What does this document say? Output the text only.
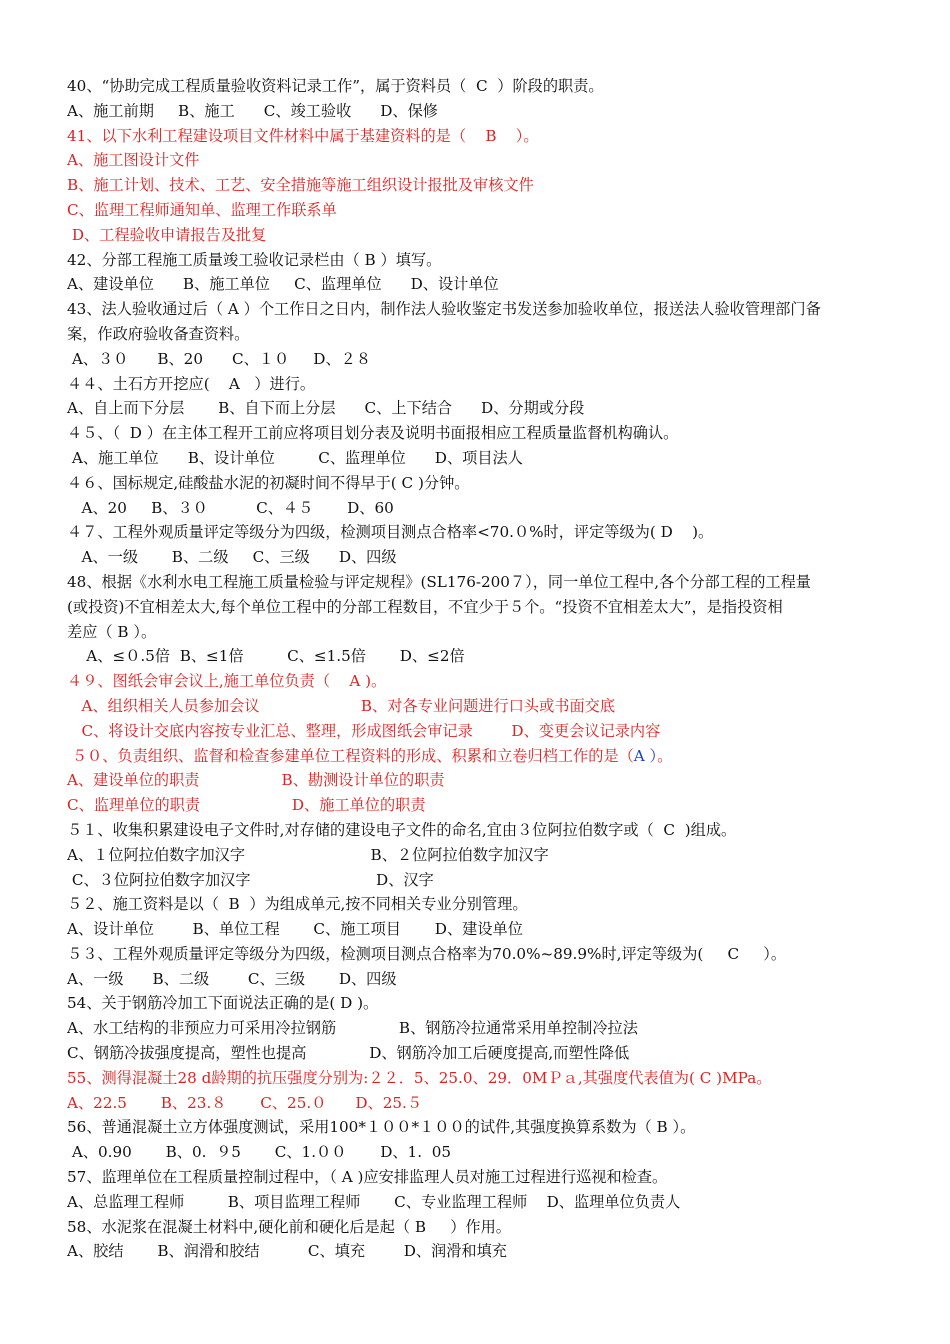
40、“协助完成工程质量验收资料记录工作”，属于资料员（  C  ）阶段的职责。
A、施工前期     B、施工      C、竣工验收      D、保修
41、以下水利工程建设项目文件材料中属于基建资料的是（    B    ）。
A、施工图设计文件
B、施工计划、技术、工艺、安全措施等施工组织设计报批及审核文件
C、监理工程师通知单、监理工作联系单
D、工程验收申请报告及批复
42、分部工程施工质量竣工验收记录栏由（ B ）填写。
A、建设单位      B、施工单位     C、监理单位      D、设计单位
43、法人验收通过后（ A ）个工作日之日内，制作法人验收鉴定书发送参加验收单位，报送法人验收管理部门备
案，作政府验收备查资料。
A、３０      B、20      C、１０     D、２８
４４、土石方开挖应(    A   ）进行。
A、自上而下分层       B、自下而上分层      C、上下结合      D、分期或分段
４５、（  D ）在主体工程开工前应将项目划分表及说明书面报相应工程质量监督机构确认。
A、施工单位      B、设计单位         C、监理单位      D、项目法人
４６、国标规定,硅酸盐水泥的初凝时间不得早于( C )分钟。
A、20     B、３０          C、４５       D、60
４７、工程外观质量评定等级分为四级，检测项目测点合格率<70.０%时，评定等级为( D    )。
A、一级       B、二级     C、三级      D、四级
48、根据《水利水电工程施工质量检验与评定规程》(SL176-200７），同一单位工程中,各个分部工程的工程量
(或投资)不宜相差太大,每个单位工程中的分部工程数目，不宜少于５个。“投资不宜相差太大”，是指投资相
差应（ B ）。
A、≤０.5倍  B、≤1倍         C、≤1.5倍       D、≤2倍
４９、图纸会审会议上,施工单位负责（    A )。
A、组织相关人员参加会议                     B、对各专业问题进行口头或书面交底
C、将设计交底内容按专业汇总、整理，形成图纸会审记录        D、变更会议记录内容
５０、负责组织、监督和检查参建单位工程资料的形成、积累和立卷归档工作的是（A ）。
A、建设单位的职责                 B、勘测设计单位的职责
C、监理单位的职责                   D、施工单位的职责
５１、收集积累建设电子文件时,对存储的建设电子文件的命名,宜由３位阿拉伯数字或（  C  )组成。
A、１位阿拉伯数字加汉字                          B、２位阿拉伯数字加汉字
C、３位阿拉伯数字加汉字                          D、汉字
５２、施工资料是以（  B  ）为组成单元,按不同相关专业分别管理。
A、设计单位        B、单位工程       C、施工项目       D、建设单位
５３、工程外观质量评定等级分为四级，检测项目测点合格率为70.0%~89.9%时,评定等级为(     C     ）。
A、一级      B、二级        C、三级       D、四级
54、关于钢筋冷加工下面说法正确的是( D )。
A、水工结构的非预应力可采用冷拉钢筋             B、钢筋冷拉通常采用单控制冷拉法
C、钢筋冷拔强度提高，塑性也提高             D、钢筋冷加工后硬度提高,而塑性降低
55、测得混凝土28 d龄期的抗压强度分别为:２２．5、25.0、29．0MＰａ,其强度代表值为( C )MPa。
A、22.5       B、23.８       C、25.０      D、25.５
56、普通混凝土立方体强度测试，采用100*１００*１００的试件,其强度换算系数为（ B ）。
A、0.90       B、0.  ９5       C、1.００       D、1.  05
57、监理单位在工程质量控制过程中，（ A )应安排监理人员对施工过程进行巡视和检查。
A、总监理工程师         B、项目监理工程师       C、专业监理工程师    D、监理单位负责人
58、水泥浆在混凝土材料中,硬化前和硬化后是起（ B     ）作用。
A、胶结       B、润滑和胶结          C、填充        D、润滑和填充
